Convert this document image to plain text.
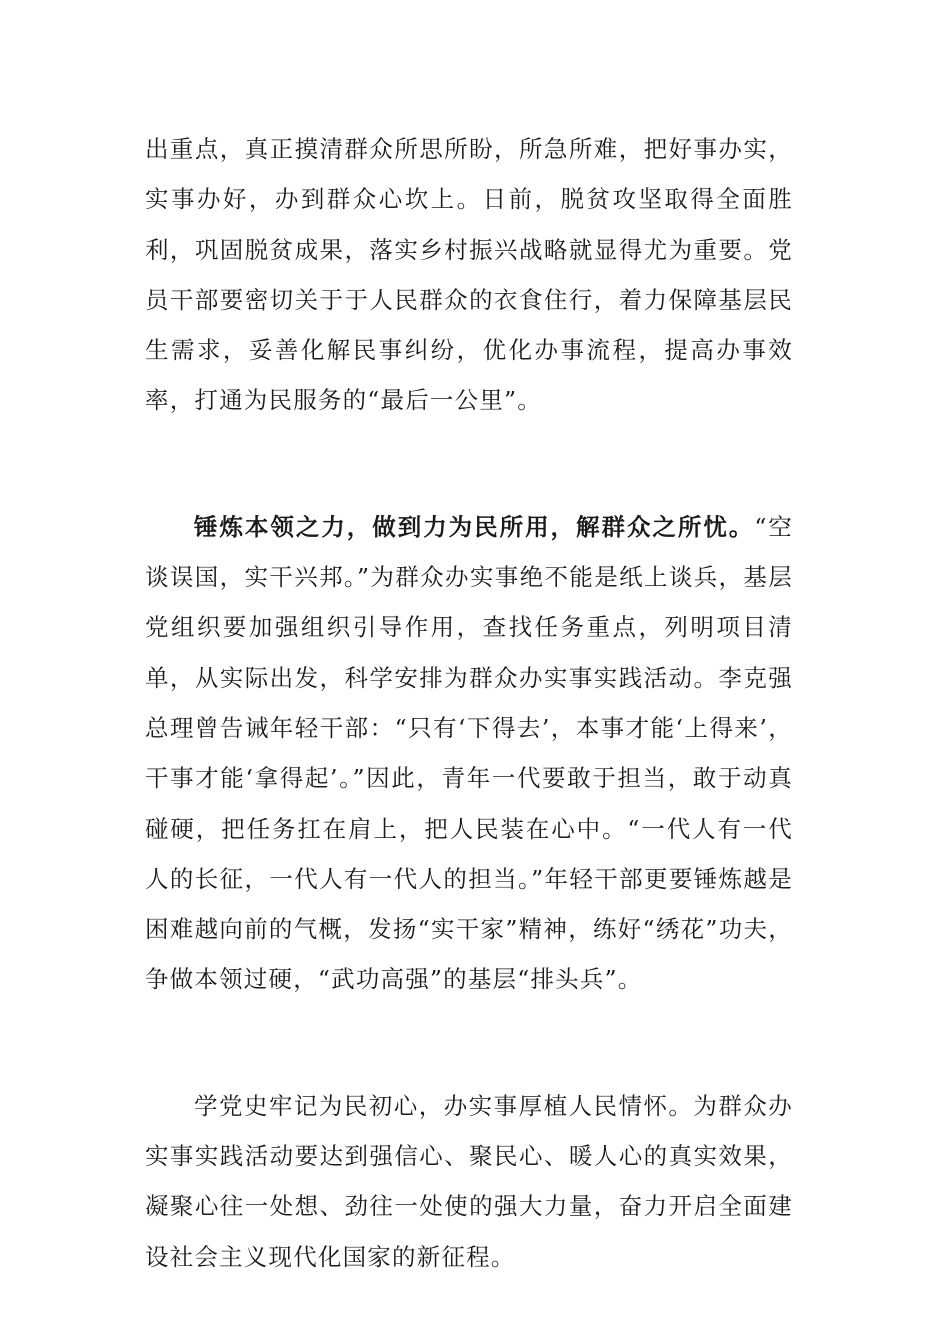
出重点，真正摸清群众所思所盼，所急所难，把好事办实，实事办好，办到群众心坎上。日前，脱贫攻坚取得全面胜利，巩固脱贫成果，落实乡村振兴战略就显得尤为重要。党员干部要密切关于于人民群众的衣食住行，着力保障基层民生需求，妥善化解民事纠纷，优化办事流程，提高办事效率，打通为民服务的“最后一公里”。

锤炼本领之力，做到力为民所用，解群众之所忧。“空谈误国，实干兴邦。”为群众办实事绝不能是纸上谈兵，基层党组织要加强组织引导作用，查找任务重点，列明项目清单，从实际出发，科学安排为群众办实事实践活动。李克强总理曾告诫年轻干部：“只有‘下得去’，本事才能‘上得来’，干事才能‘拿得起’。”因此，青年一代要敢于担当，敢于动真碰硬，把任务扛在肩上，把人民装在心中。“一代人有一代人的长征，一代人有一代人的担当。”年轻干部更要锤炼越是困难越向前的气概，发扬“实干家”精神，练好“绣花”功夫，争做本领过硬，“武功高强”的基层“排头兵”。

学党史牢记为民初心，办实事厚植人民情怀。为群众办实事实践活动要达到强信心、聚民心、暖人心的真实效果，凝聚心往一处想、劲往一处使的强大力量，奋力开启全面建设社会主义现代化国家的新征程。
